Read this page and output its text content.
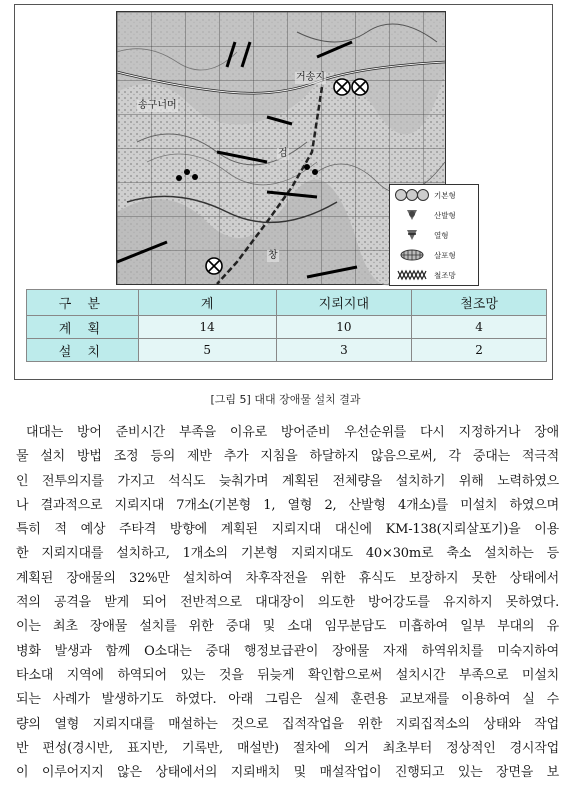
송구너머
거송지
검
창
기본형
산발형
열형
살포형
철조망
구 분	계	지뢰지대	철조망
계 획	14	10	4
설 치	5	3	2
[그림 5] 대대 장애물 설치 결과
대대는 방어 준비시간 부족을 이유로 방어준비 우선순위를 다시 지정하거나 장애
물 설치 방법 조정 등의 제반 추가 지침을 하달하지 않음으로써, 각 중대는 적극적
인 전투의지를 가지고 석식도 늦춰가며 계획된 전체량을 설치하기 위해 노력하였으
나 결과적으로 지뢰지대 7개소(기본형 1, 열형 2, 산발형 4개소)를 미설치 하였으며
특히 적 예상 주타격 방향에 계획된 지뢰지대 대신에 KM-138(지뢰살포기)을 이용
한 지뢰지대를 설치하고, 1개소의 기본형 지뢰지대도 40×30m로 축소 설치하는 등
계획된 장애물의 32%만 설치하여 차후작전을 위한 휴식도 보장하지 못한 상태에서
적의 공격을 받게 되어 전반적으로 대대장이 의도한 방어강도를 유지하지 못하였다.
이는 최초 장애물 설치를 위한 중대 및 소대 임무분담도 미흡하여 일부 부대의 유
병화 발생과 함께 O소대는 중대 행정보급관이 장애물 자재 하역위치를 미숙지하여
타소대 지역에 하역되어 있는 것을 뒤늦게 확인함으로써 설치시간 부족으로 미설치
되는 사례가 발생하기도 하였다. 아래 그림은 실제 훈련용 교보재를 이용하여 실 수
량의 열형 지뢰지대를 매설하는 것으로 집적작업을 위한 지뢰집적소의 상태와 작업
반 편성(경시반, 표지반, 기록반, 매설반) 절차에 의거 최초부터 정상적인 경시작업
이 이루어지지 않은 상태에서의 지뢰배치 및 매설작업이 진행되고 있는 장면을 보
